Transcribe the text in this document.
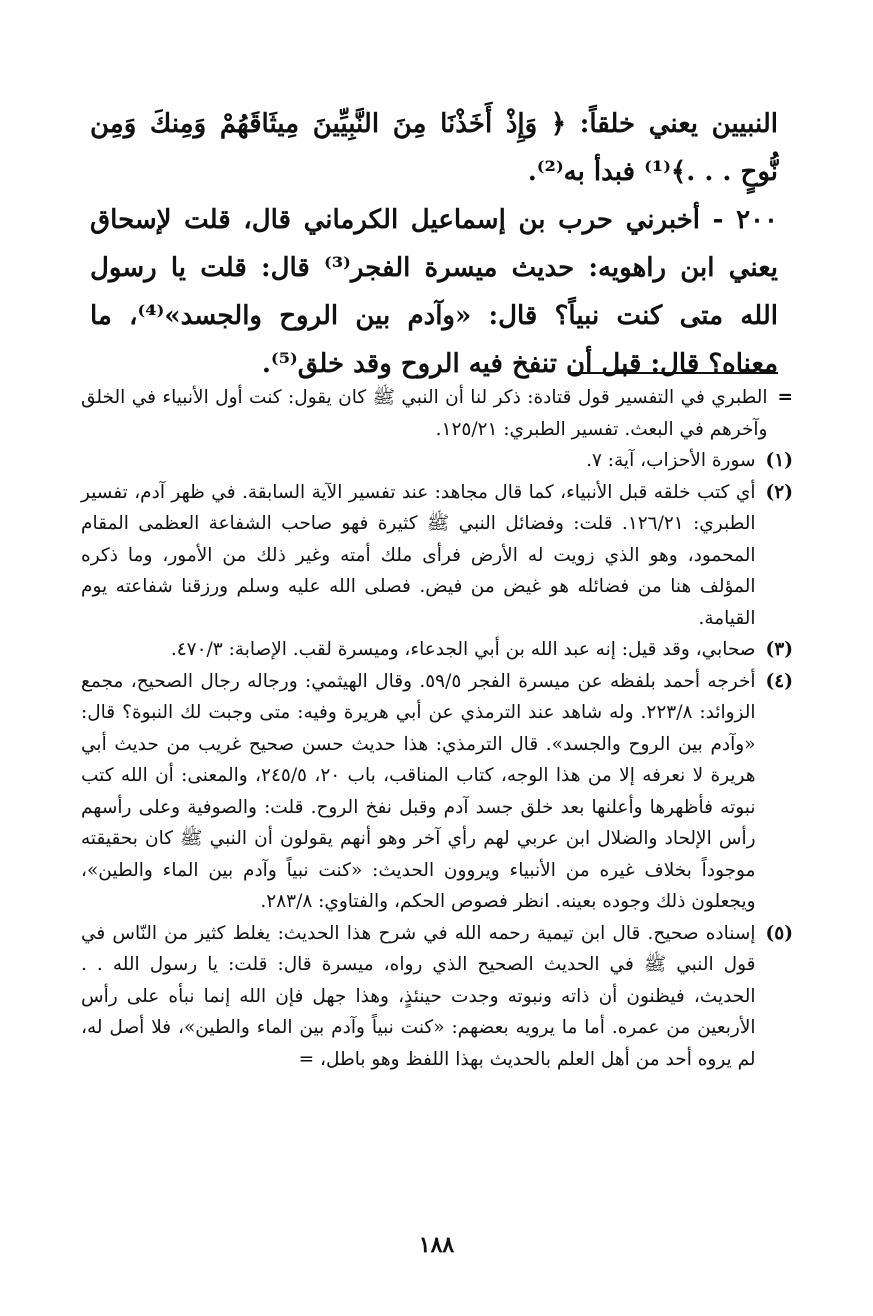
النبيين يعني خلقاً: ﴿ وَإِذْ أَخَذْنَا مِنَ النَّبِيِّينَ مِيثَاقَهُمْ وَمِنكَ وَمِن نُّوحٍ . . .﴾⁽¹⁾ فبدأ به⁽²⁾.

٢٠٠ - أخبرني حرب بن إسماعيل الكرماني قال، قلت لإسحاق يعني ابن راهويه: حديث ميسرة الفجر⁽³⁾ قال: قلت يا رسول الله متى كنت نبياً؟ قال: «وآدم بين الروح والجسد»⁽⁴⁾، ما معناه؟ قال: قبل أن تنفخ فيه الروح وقد خلق⁽⁵⁾.

=
الطبري في التفسير قول قتادة: ذكر لنا أن النبي ﷺ كان يقول: كنت أول الأنبياء في الخلق وآخرهم في البعث. تفسير الطبري: ١٢٥/٢١.

(١)
سورة الأحزاب، آية: ٧.

(٢)
أي كتب خلقه قبل الأنبياء، كما قال مجاهد: عند تفسير الآية السابقة. في ظهر آدم، تفسير الطبري: ١٢٦/٢١. قلت: وفضائل النبي ﷺ كثيرة فهو صاحب الشفاعة العظمى المقام المحمود، وهو الذي زويت له الأرض فرأى ملك أمته وغير ذلك من الأمور، وما ذكره المؤلف هنا من فضائله هو غيض من فيض. فصلى الله عليه وسلم ورزقنا شفاعته يوم القيامة.

(٣)
صحابي، وقد قيل: إنه عبد الله بن أبي الجدعاء، وميسرة لقب. الإصابة: ٤٧٠/٣.

(٤)
أخرجه أحمد بلفظه عن ميسرة الفجر ٥٩/٥. وقال الهيثمي: ورجاله رجال الصحيح، مجمع الزوائد: ٢٢٣/٨. وله شاهد عند الترمذي عن أبي هريرة وفيه: متى وجبت لك النبوة؟ قال: «وآدم بين الروح والجسد». قال الترمذي: هذا حديث حسن صحيح غريب من حديث أبي هريرة لا نعرفه إلا من هذا الوجه، كتاب المناقب، باب ٢٠، ٢٤٥/٥، والمعنى: أن الله كتب نبوته فأظهرها وأعلنها بعد خلق جسد آدم وقبل نفخ الروح. قلت: والصوفية وعلى رأسهم رأس الإلحاد والضلال ابن عربي لهم رأي آخر وهو أنهم يقولون أن النبي ﷺ كان بحقيقته موجوداً بخلاف غيره من الأنبياء ويروون الحديث: «كنت نبياً وآدم بين الماء والطين»، ويجعلون ذلك وجوده بعينه. انظر فصوص الحكم، والفتاوي: ٢٨٣/٨.

(٥)
إسناده صحيح. قال ابن تيمية رحمه الله في شرح هذا الحديث: يغلط كثير من النّاس في قول النبي ﷺ في الحديث الصحيح الذي رواه، ميسرة قال: قلت: يا رسول الله . . الحديث، فيظنون أن ذاته ونبوته وجدت حينئذٍ، وهذا جهل فإن الله إنما نبأه على رأس الأربعين من عمره. أما ما يرويه بعضهم: «كنت نبياً وآدم بين الماء والطين»، فلا أصل له، لم يروه أحد من أهل العلم بالحديث بهذا اللفظ وهو باطل، =

١٨٨
